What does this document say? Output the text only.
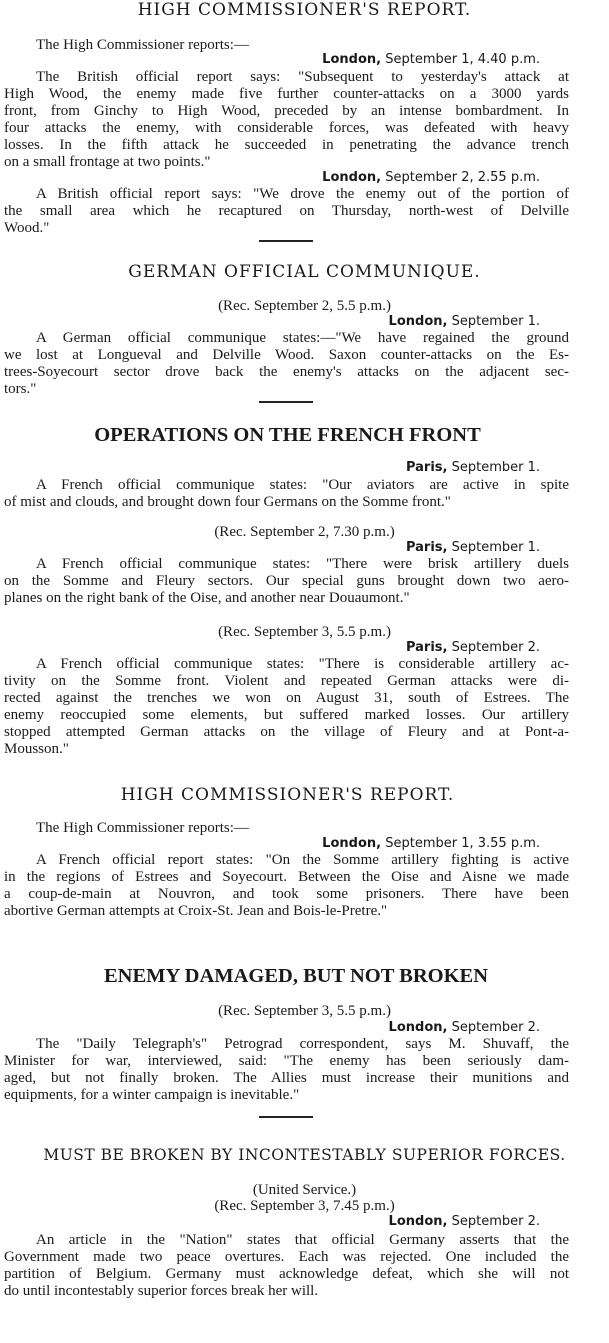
HIGH COMMISSIONER'S REPORT.
The High Commissioner reports:—
London, September 1, 4.40 p.m.
The British official report says: "Subsequent to yesterday's attack at
High Wood, the enemy made five further counter-attacks on a 3000 yards
front, from Ginchy to High Wood, preceded by an intense bombardment. In
four attacks the enemy, with considerable forces, was defeated with heavy
losses. In the fifth attack he succeeded in penetrating the advance trench
on a small frontage at two points."
London, September 2, 2.55 p.m.
A British official report says: "We drove the enemy out of the portion of
the small area which he recaptured on Thursday, north-west of Delville
Wood."
GERMAN OFFICIAL COMMUNIQUE.
(Rec. September 2, 5.5 p.m.)
London, September 1.
A German official communique states:—"We have regained the ground
we lost at Longueval and Delville Wood. Saxon counter-attacks on the Es-
trees-Soyecourt sector drove back the enemy's attacks on the adjacent sec-
tors."
OPERATIONS ON THE FRENCH FRONT
Paris, September 1.
A French official communique states: "Our aviators are active in spite
of mist and clouds, and brought down four Germans on the Somme front."
(Rec. September 2, 7.30 p.m.)
Paris, September 1.
A French official communique states: "There were brisk artillery duels
on the Somme and Fleury sectors. Our special guns brought down two aero-
planes on the right bank of the Oise, and another near Douaumont."
(Rec. September 3, 5.5 p.m.)
Paris, September 2.
A French official communique states: "There is considerable artillery ac-
tivity on the Somme front. Violent and repeated German attacks were di-
rected against the trenches we won on August 31, south of Estrees. The
enemy reoccupied some elements, but suffered marked losses. Our artillery
stopped attempted German attacks on the village of Fleury and at Pont-a-
Mousson."
HIGH COMMISSIONER'S REPORT.
The High Commissioner reports:—
London, September 1, 3.55 p.m.
A French official report states: "On the Somme artillery fighting is active
in the regions of Estrees and Soyecourt. Between the Oise and Aisne we made
a coup-de-main at Nouvron, and took some prisoners. There have been
abortive German attempts at Croix-St. Jean and Bois-le-Pretre."
ENEMY DAMAGED, BUT NOT BROKEN
(Rec. September 3, 5.5 p.m.)
London, September 2.
The "Daily Telegraph's" Petrograd correspondent, says M. Shuvaff, the
Minister for war, interviewed, said: "The enemy has been seriously dam-
aged, but not finally broken. The Allies must increase their munitions and
equipments, for a winter campaign is inevitable."
MUST BE BROKEN BY INCONTESTABLY SUPERIOR FORCES.
(United Service.)
(Rec. September 3, 7.45 p.m.)
London, September 2.
An article in the "Nation" states that official Germany asserts that the
Government made two peace overtures. Each was rejected. One included the
partition of Belgium. Germany must acknowledge defeat, which she will not
do until incontestably superior forces break her will.
